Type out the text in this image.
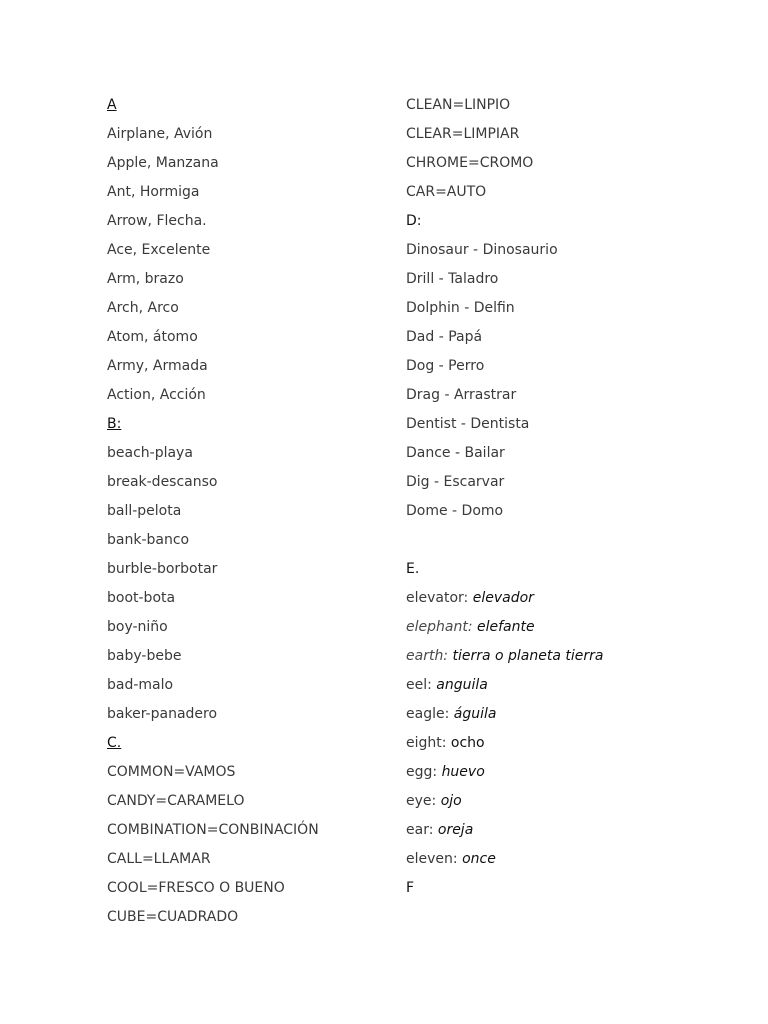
A
Airplane, Avión
Apple, Manzana
Ant, Hormiga
Arrow, Flecha.
Ace, Excelente
Arm, brazo
Arch, Arco
Atom, átomo
Army, Armada
Action, Acción
B:
beach-playa
break-descanso
ball-pelota
bank-banco
burble-borbotar
boot-bota
boy-niño
baby-bebe
bad-malo
baker-panadero
C.
COMMON=VAMOS
CANDY=CARAMELO
COMBINATION=CONBINACIÓN
CALL=LLAMAR
COOL=FRESCO O BUENO
CUBE=CUADRADO
CLEAN=LINPIO
CLEAR=LIMPIAR
CHROME=CROMO
CAR=AUTO
D:
Dinosaur - Dinosaurio
Drill - Taladro
Dolphin - Delfin
Dad - Papá
Dog - Perro
Drag - Arrastrar
Dentist - Dentista
Dance - Bailar
Dig - Escarvar
Dome - Domo
E.
elevator: elevador
elephant: elefante
earth: tierra o planeta tierra
eel: anguila
eagle: águila
eight: ocho
egg: huevo
eye: ojo
ear: oreja
eleven: once
F
